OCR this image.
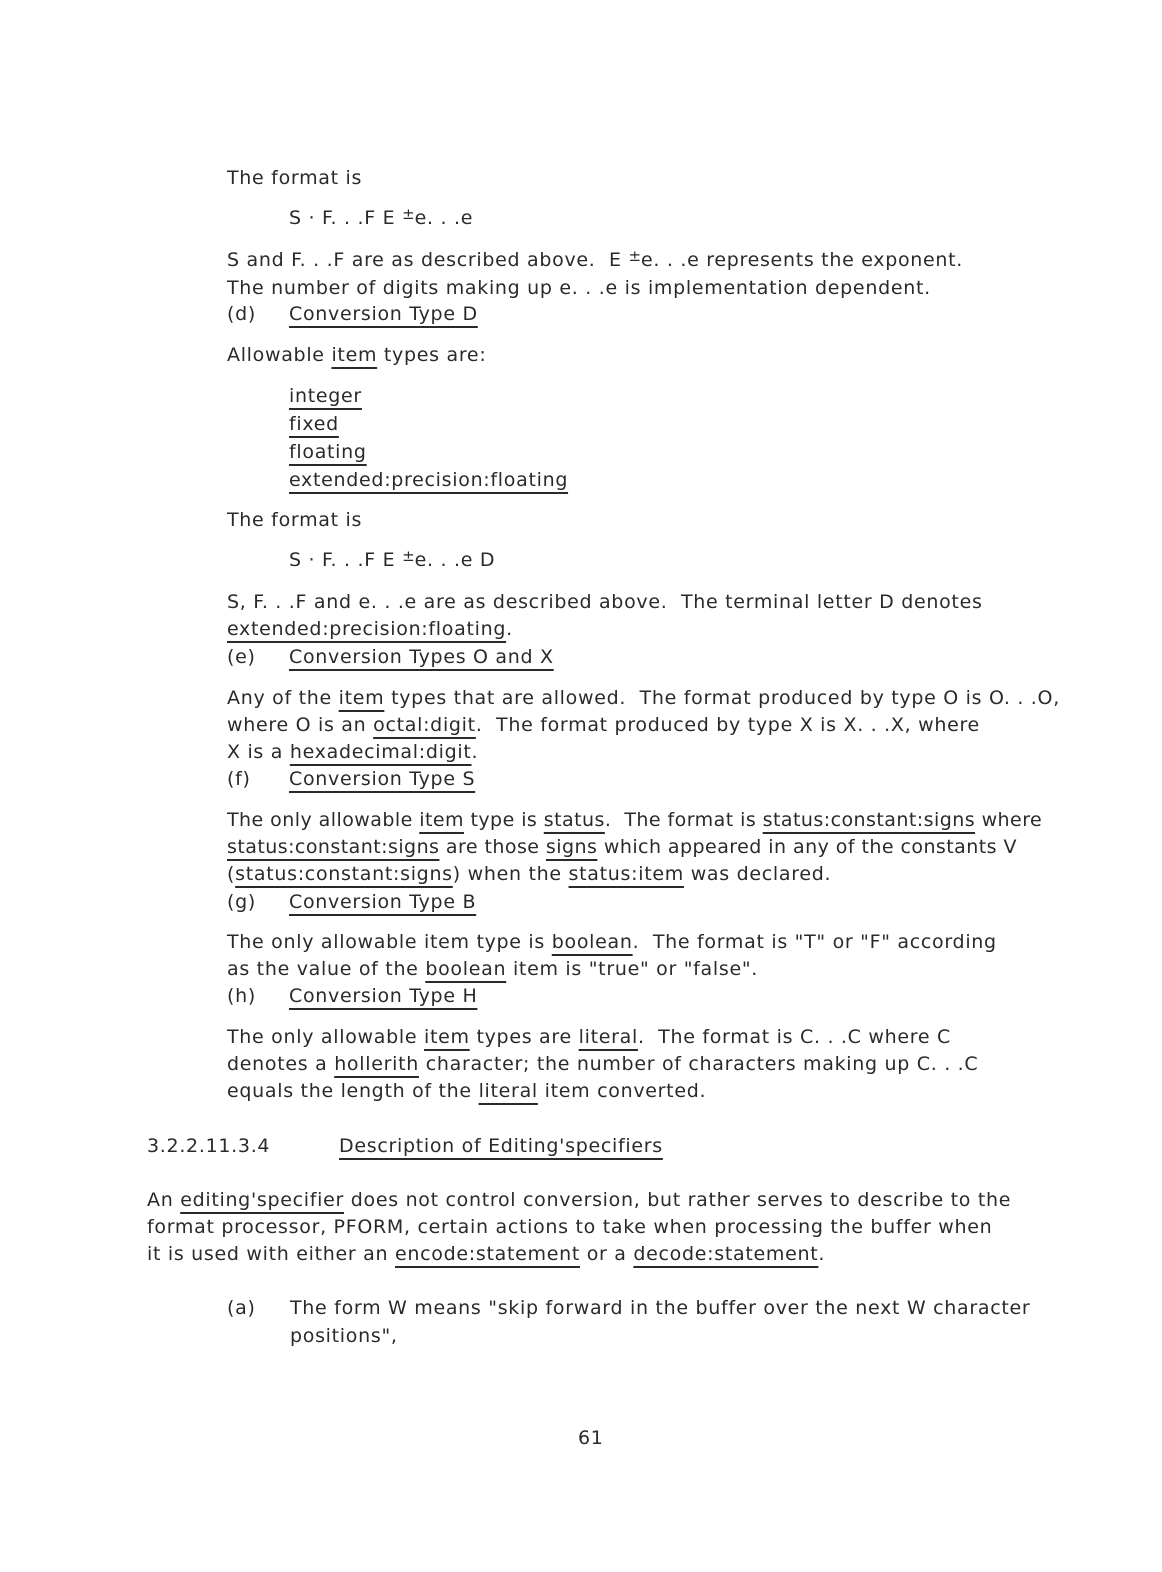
The format is
S · F. . .F E ±e. . .e
S and F. . .F are as described above.  E ±e. . .e represents the exponent.
The number of digits making up e. . .e is implementation dependent.
(d) Conversion Type D
Allowable item types are:
integer
fixed
floating
extended:precision:floating
The format is
S · F. . .F E ±e. . .e D
S, F. . .F and e. . .e are as described above.  The terminal letter D denotes
extended:precision:floating.
(e) Conversion Types O and X
Any of the item types that are allowed.  The format produced by type O is O. . .O,
where O is an octal:digit.  The format produced by type X is X. . .X, where
X is a hexadecimal:digit.
(f) Conversion Type S
The only allowable item type is status.  The format is status:constant:signs where
status:constant:signs are those signs which appeared in any of the constants V
(status:constant:signs) when the status:item was declared.
(g) Conversion Type B
The only allowable item type is boolean.  The format is "T" or "F" according
as the value of the boolean item is "true" or "false".
(h) Conversion Type H
The only allowable item types are literal.  The format is C. . .C where C
denotes a hollerith character; the number of characters making up C. . .C
equals the length of the literal item converted.
3.2.2.11.3.4	Description of Editing'specifiers
An editing'specifier does not control conversion, but rather serves to describe to the
format processor, PFORM, certain actions to take when processing the buffer when
it is used with either an encode:statement or a decode:statement.
(a) The form W means "skip forward in the buffer over the next W character
positions",
61
